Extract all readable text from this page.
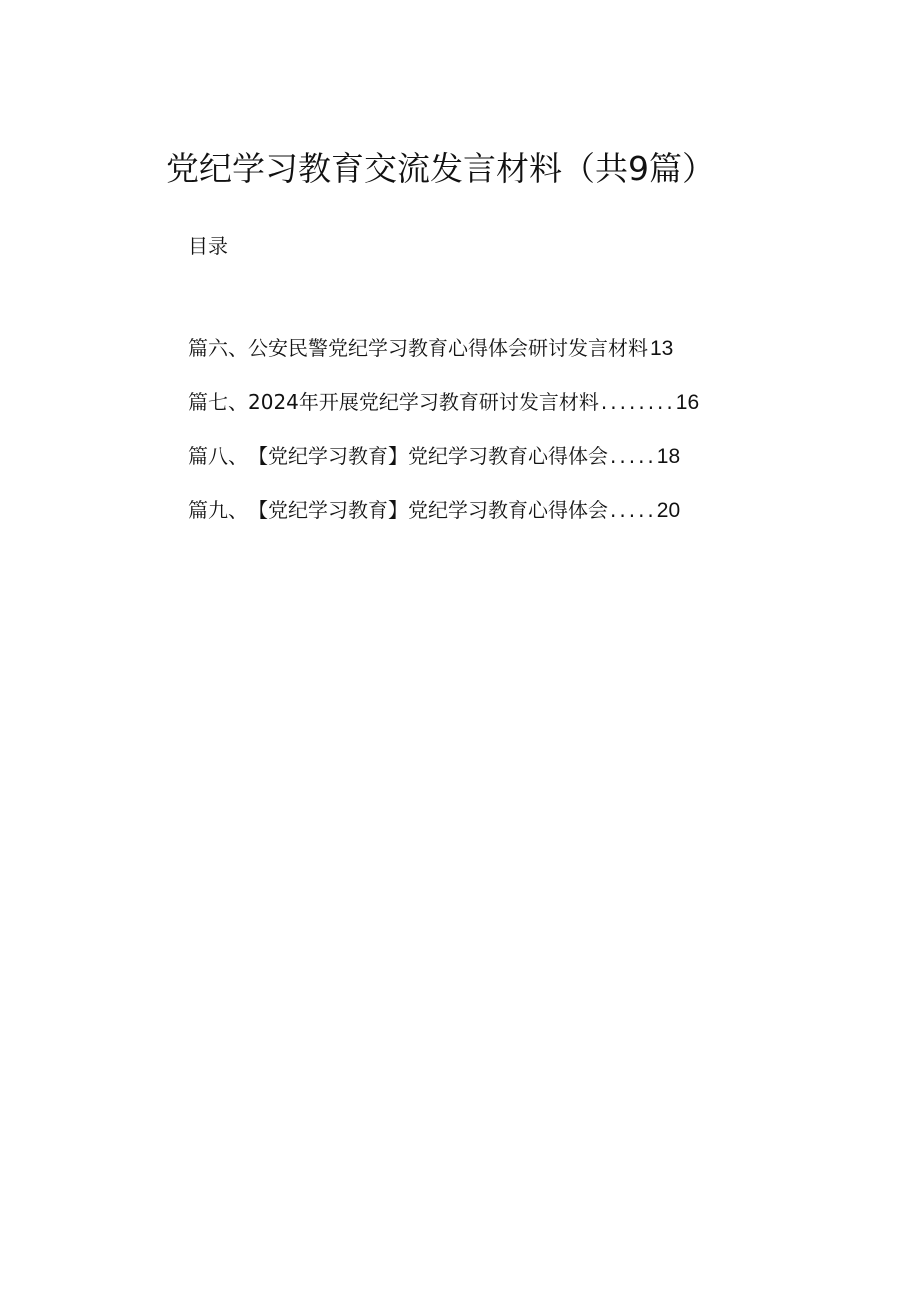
党纪学习教育交流发言材料（共9篇）
目录
篇六、 公安民警党纪学习教育心得体会研讨发言材料 13
篇七、 2024年开展党纪学习教育研讨发言材料 ........ 16
篇八、 【党纪学习教育】党纪学习教育心得体会 ..... 18
篇九、 【党纪学习教育】党纪学习教育心得体会 ..... 20
